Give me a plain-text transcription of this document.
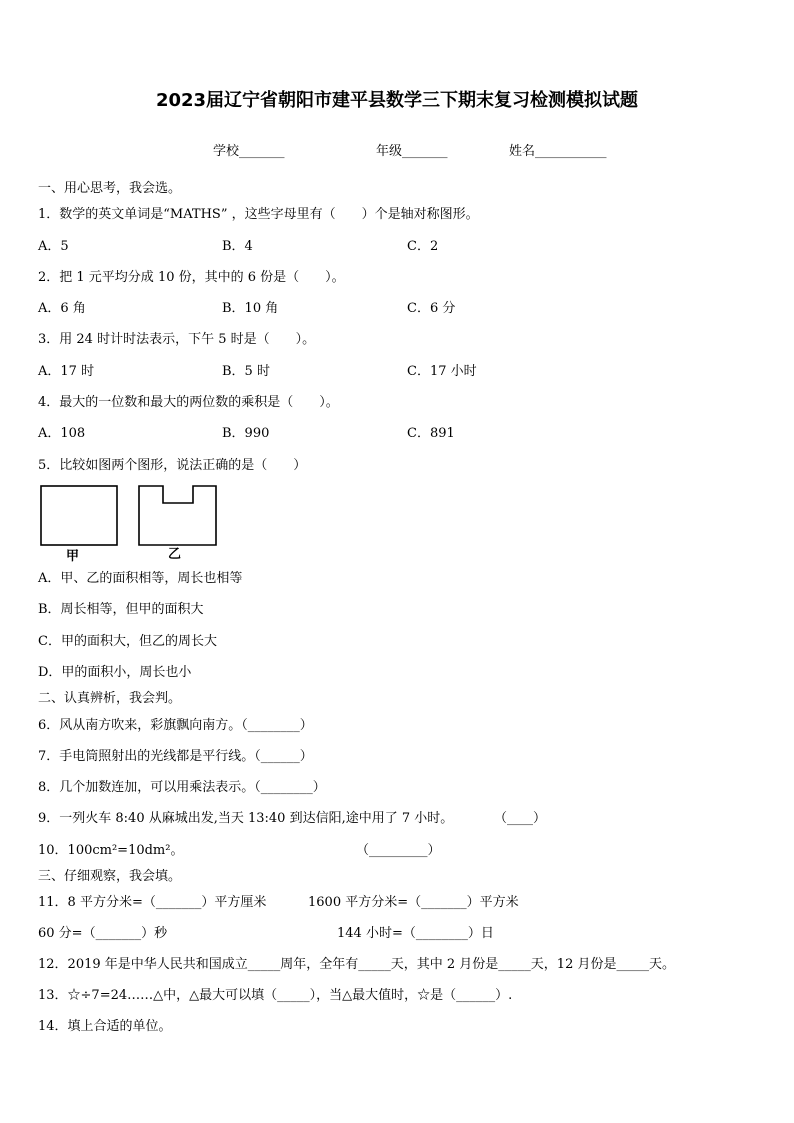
2023届辽宁省朝阳市建平县数学三下期末复习检测模拟试题
学校_______	年级_______	姓名___________
一、用心思考，我会选。
1．数学的英文单词是“MATHS” ，这些字母里有（　　）个是轴对称图形。
A．5	B．4	C．2
2．把 1 元平均分成 10 份，其中的 6 份是（　　）。
A．6 角	B．10 角	C．6 分
3．用 24 时计时法表示，下午 5 时是（　　）。
A．17 时	B．5 时	C．17 小时
4．最大的一位数和最大的两位数的乘积是（　　）。
A．108	B．990	C．891
5．比较如图两个图形，说法正确的是（　　）
甲	乙
A．甲、乙的面积相等，周长也相等
B．周长相等，但甲的面积大
C．甲的面积大，但乙的周长大
D．甲的面积小，周长也小
二、认真辨析，我会判。
6．风从南方吹来，彩旗飘向南方。（________）
7．手电筒照射出的光线都是平行线。（______）
8．几个加数连加，可以用乘法表示。（________）
9．一列火车 8:40 从麻城出发,当天 13:40 到达信阳,途中用了 7 小时。	（____）
10．100cm²=10dm²。	（_________）
三、仔细观察，我会填。
11．8 平方分米=（_______）平方厘米	1600 平方分米=（_______）平方米
60 分=（_______）秒	144 小时=（________）日
12．2019 年是中华人民共和国成立_____周年，全年有_____天，其中 2 月份是_____天，12 月份是_____天。
13．☆÷7=24……△中，△最大可以填（_____），当△最大值时，☆是（______）.
14．填上合适的单位。
